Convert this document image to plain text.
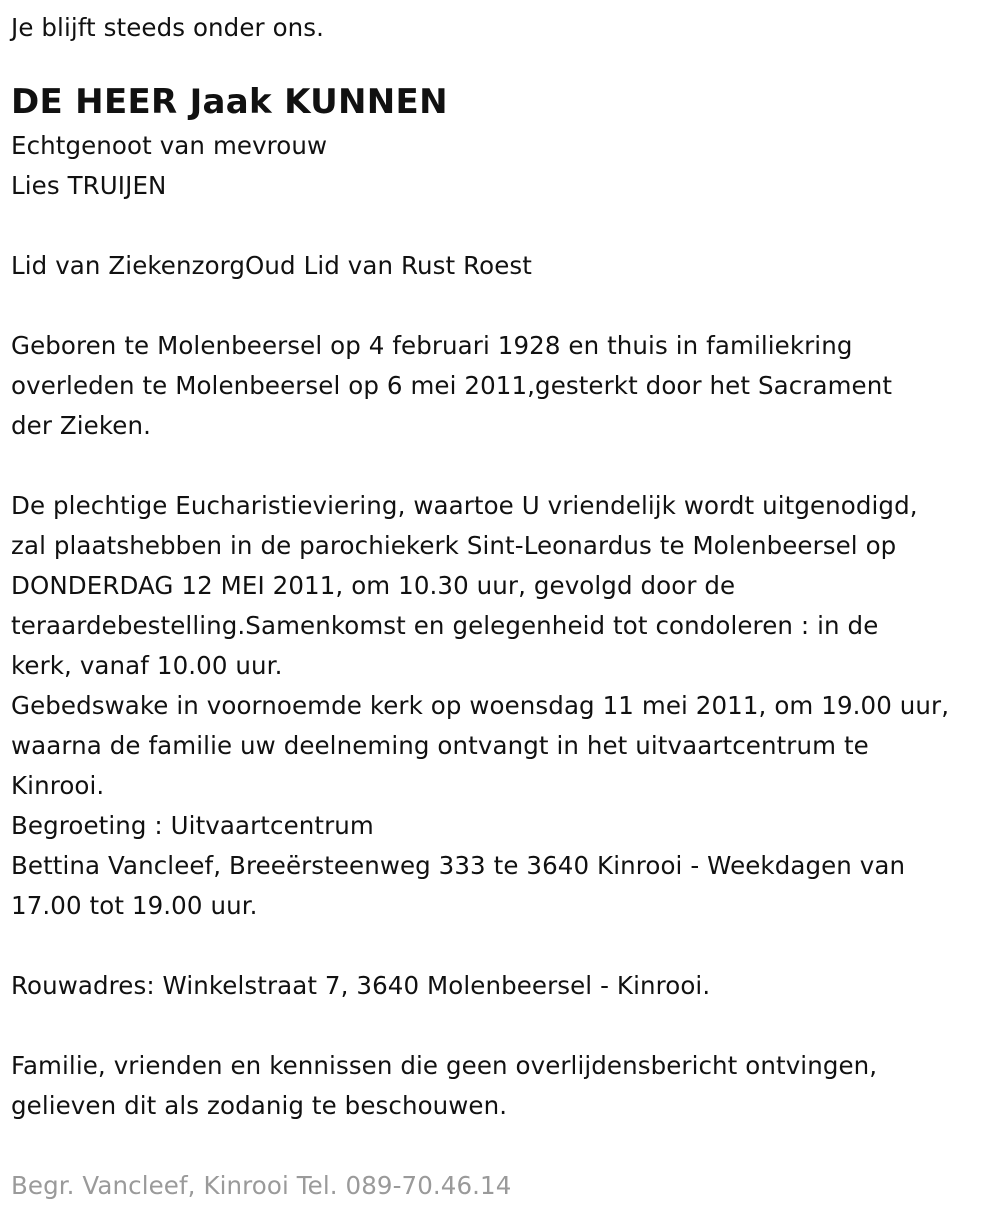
Je blijft steeds onder ons.
DE HEER Jaak KUNNEN
Echtgenoot van mevrouw
Lies TRUIJEN
Lid van ZiekenzorgOud Lid van Rust Roest
Geboren te Molenbeersel op 4 februari 1928 en thuis in familiekring
overleden te Molenbeersel op 6 mei 2011,gesterkt door het Sacrament
der Zieken.
De plechtige Eucharistieviering, waartoe U vriendelijk wordt uitgenodigd,
zal plaatshebben in de parochiekerk Sint-Leonardus te Molenbeersel op
DONDERDAG 12 MEI 2011, om 10.30 uur, gevolgd door de
teraardebestelling.Samenkomst en gelegenheid tot condoleren : in de
kerk, vanaf 10.00 uur.
Gebedswake in voornoemde kerk op woensdag 11 mei 2011, om 19.00 uur,
waarna de familie uw deelneming ontvangt in het uitvaartcentrum te
Kinrooi.
Begroeting : Uitvaartcentrum
Bettina Vancleef, Breeërsteenweg 333 te 3640 Kinrooi - Weekdagen van
17.00 tot 19.00 uur.
Rouwadres: Winkelstraat 7, 3640 Molenbeersel - Kinrooi.
Familie, vrienden en kennissen die geen overlijdensbericht ontvingen,
gelieven dit als zodanig te beschouwen.
Begr. Vancleef, Kinrooi Tel. 089-70.46.14
